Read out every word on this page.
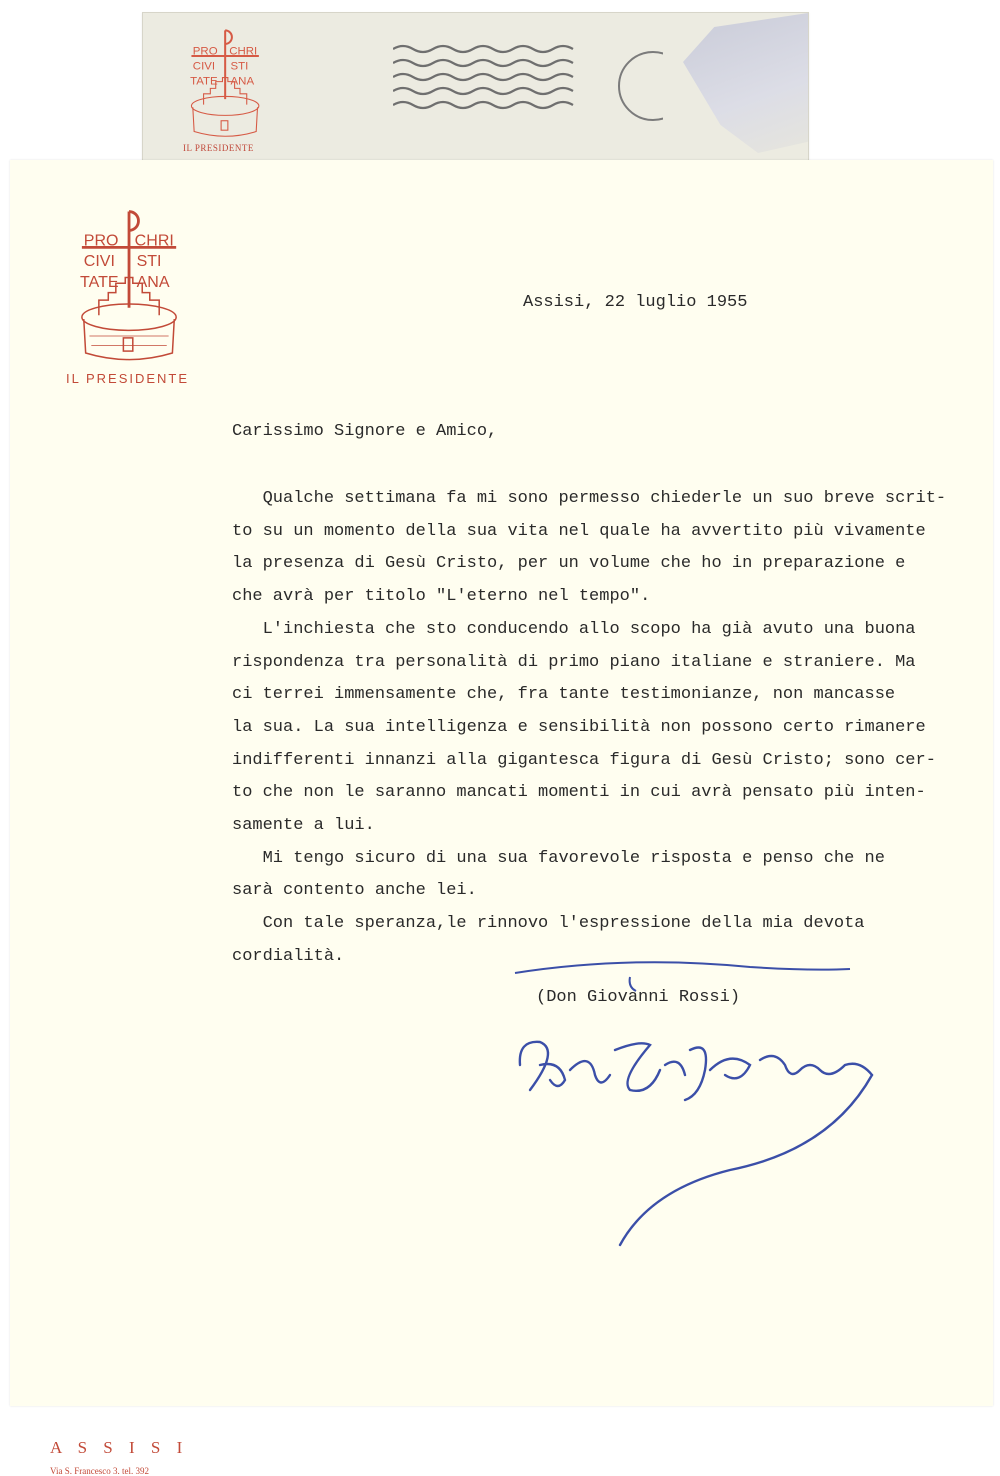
PRO CHRI
CIVI STI
TATE ANA
IL PRESIDENTE
PRO CHRI
CIVI STI
TATE ANA
IL PRESIDENTE
Assisi, 22 luglio 1955
Carissimo Signore e Amico,
Qualche settimana fa mi sono permesso chiederle un suo breve scrit-
to su un momento della sua vita nel quale ha avvertito più vivamente
la presenza di Gesù Cristo, per un volume che ho in preparazione e
che avrà per titolo "L'eterno nel tempo".
L'inchiesta che sto conducendo allo scopo ha già avuto una buona
rispondenza tra personalità di primo piano italiane e straniere. Ma
ci terrei immensamente che, fra tante testimonianze, non mancasse
la sua. La sua intelligenza e sensibilità non possono certo rimanere
indifferenti innanzi alla gigantesca figura di Gesù Cristo; sono cer-
to che non le saranno mancati momenti in cui avrà pensato più inten-
samente a lui.
Mi tengo sicuro di una sua favorevole risposta e penso che ne
sarà contento anche lei.
Con tale speranza,le rinnovo l'espressione della mia devota
cordialità.
(Don Giovanni Rossi)
A S S I S I
Via S. Francesco 3. tel. 392
